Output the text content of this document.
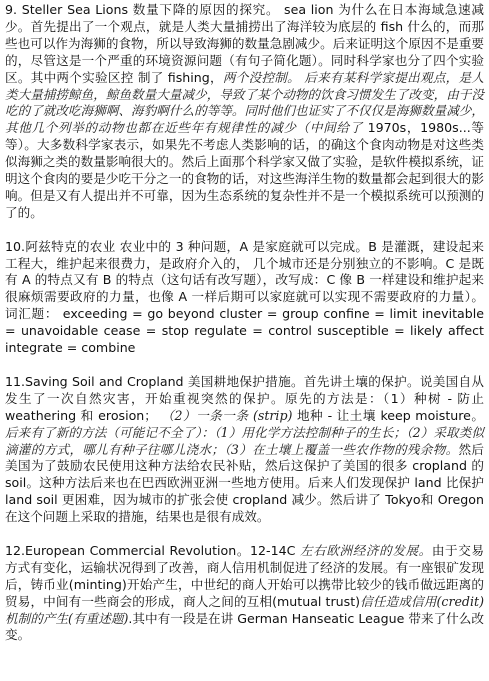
9. Steller Sea Lions 数量下降的原因的探究。 sea lion 为什么在日本海域急速减少。首先提出了一个观点，就是人类大量捕捞出了海洋较为底层的 fish 什么的，而那些也可以作为海狮的食物，所以导致海狮的数量急剧减少。后来证明这个原因不是重要的，尽管这是一个严重的环境资源问题（有句子简化题）。同时科学家也分了四个实验区。其中两个实验区控 制了 fishing，两个没控制。 后来有某科学家提出观点，是人类大量捕捞鲸鱼，鲸鱼数量大量减少，导致了某个动物的饮食习惯发生了改变，由于没吃的了就改吃海狮啊、海豹啊什么的等等。同时他们也证实了不仅仅是海狮数量减少，其他几个列举的动物也都在近些年有规律性的减少（中间给了 1970s，1980s...等等）。大多数科学家表示，如果先不考虑人类影响的话，的确这个食肉动物是对这些类似海狮之类的数量影响很大的。然后上面那个科学家又做了实验，是软件模拟系统，证明这个食肉的要是少吃干分之一的食物的话，对这些海洋生物的数量都会起到很大的影响。但是又有人提出并不可靠，因为生态系统的复杂性并不是一个模拟系统可以预测的了的。

10.阿兹特克的农业 农业中的 3 种问题，A 是家庭就可以完成。B 是灌溉，建设起来工程大，维护起来很费力，是政府介入的， 几个城市还是分别独立的不影响。C 是既有 A 的特点又有 B 的特点（这句话有改写题），改写成：C 像 B 一样建设和维护起来很麻烦需要政府的力量，也像 A 一样后期可以家庭就可以实现不需要政府的力量）。 词汇题： exceeding = go beyond cluster = group confine = limit inevitable = unavoidable cease = stop regulate = control susceptible = likely affect integrate = combine

11.Saving Soil and Cropland 美国耕地保护措施。首先讲土壤的保护。说美国自从发生了一次自然灾害，开始重视突然的保护。原先的方法是：（1）种树 - 防止 weathering 和 erosion； （2）一条一条 (strip) 地种 - 让土壤 keep moisture。后来有了新的方法（可能记不全了）：（1）用化学方法控制种子的生长；（2）采取类似滴灌的方式，哪儿有种子往哪儿浇水；（3）在土壤上覆盖一些农作物的残余物。然后美国为了鼓励农民使用这种方法给农民补贴，然后这保护了美国的很多 cropland 的 soil。这种方法后来也在巴西欧洲亚洲一些地方使用。后来人们发现保护 land 比保护 land soil 更困难，因为城市的扩张会使 cropland 减少。然后讲了 Tokyo和 Oregon 在这个问题上采取的措施，结果也是很有成效。

12.European Commercial Revolution。12-14C 左右欧洲经济的发展。由于交易方式有变化，运输状况得到了改善，商人信用机制促进了经济的发展。有一座银矿发现后，铸币业(minting)开始产生，中世纪的商人开始可以携带比较少的钱币做远距离的贸易，中间有一些商会的形成，商人之间的互相(mutual trust)信任造成信用(credit)机制的产生(有重述题).其中有一段是在讲 German Hanseatic League 带来了什么改变。
